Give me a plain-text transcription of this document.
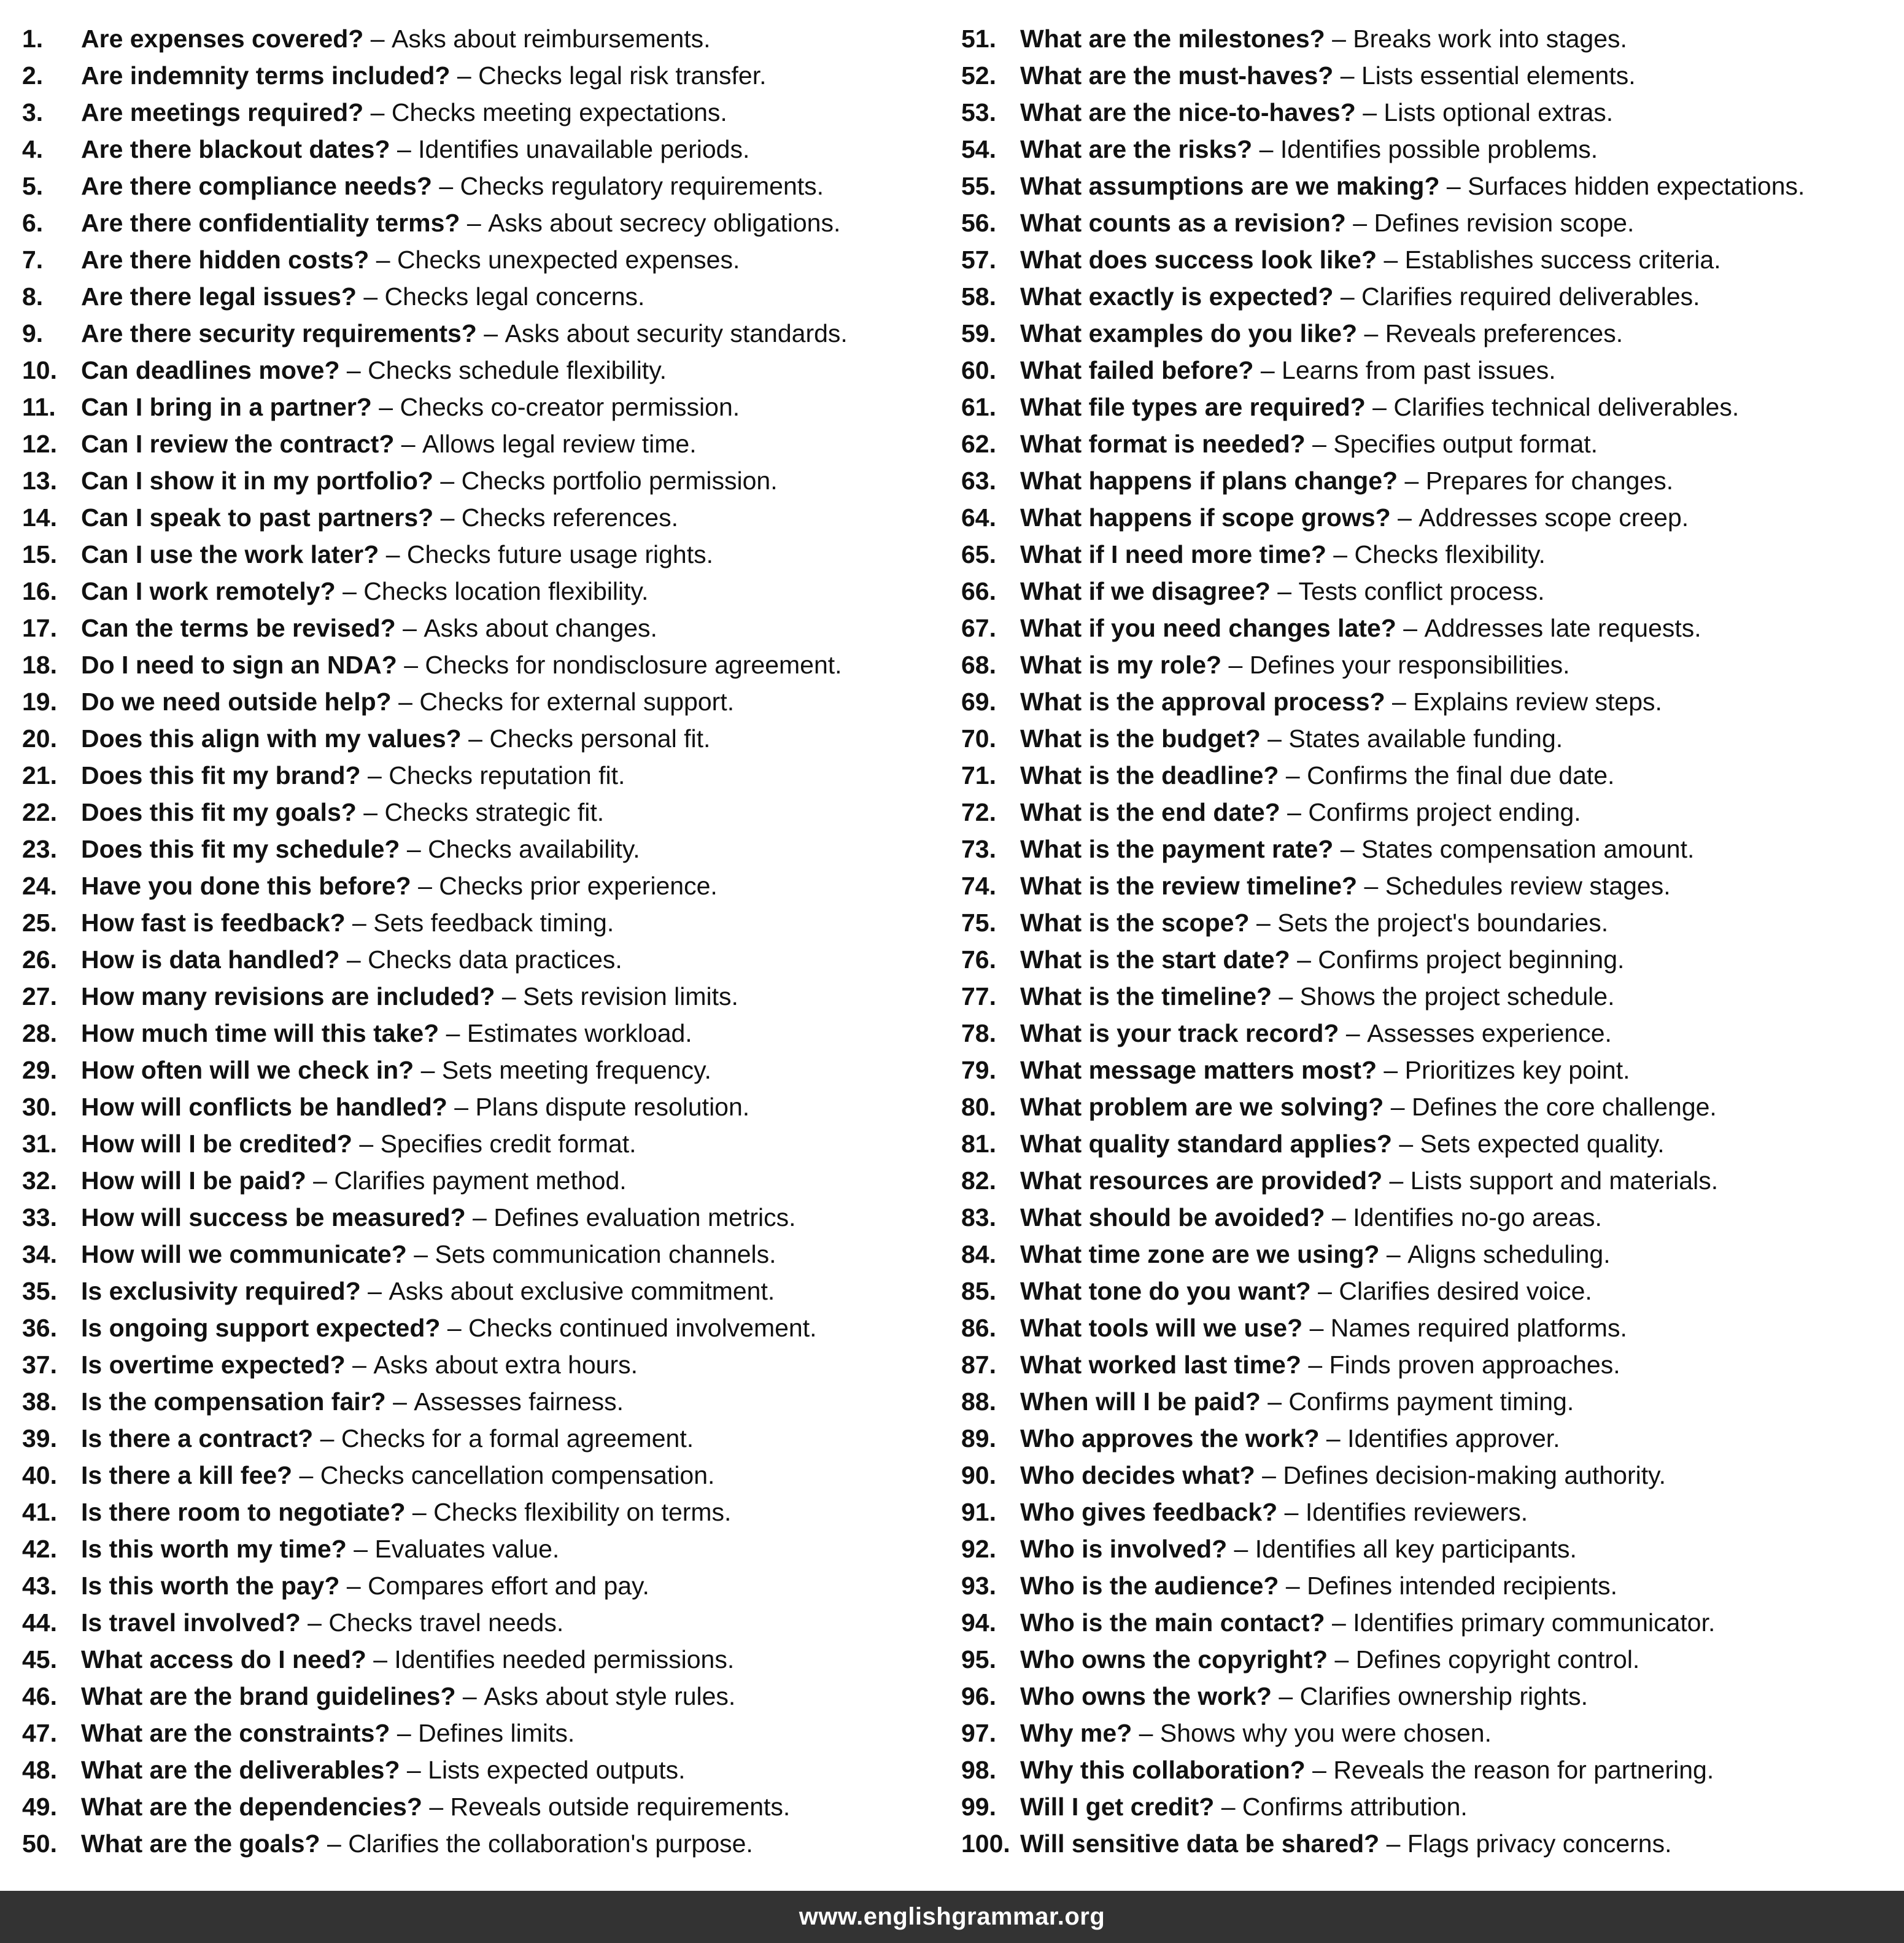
1.	Are expenses covered?
–
Asks about reimbursements.
2.	Are indemnity terms included?
–
Checks legal risk transfer.
3.	Are meetings required?
–
Checks meeting expectations.
4.	Are there blackout dates?
–
Identifies unavailable periods.
5.	Are there compliance needs?
–
Checks regulatory requirements.
6.	Are there confidentiality terms?
–
Asks about secrecy obligations.
7.	Are there hidden costs?
–
Checks unexpected expenses.
8.	Are there legal issues?
–
Checks legal concerns.
9.	Are there security requirements?
–
Asks about security standards.
10. Can deadlines move?
–
Checks schedule flexibility.
11.	Can I bring in a partner?
–
Checks co-creator permission.
12. Can I review the contract?
–
Allows legal review time.
13. Can I show it in my portfolio?
–
Checks portfolio permission.
14. Can I speak to past partners?
–
Checks references.
15. Can I use the work later?
–
Checks future usage rights.
16. Can I work remotely?
–
Checks location flexibility.
17. Can the terms be revised?
–
Asks about changes.
18. Do I need to sign an NDA?
–
Checks for nondisclosure agreement.
19. Do we need outside help?
–
Checks for external support.
20. Does this align with my values?
–
Checks personal fit.
21. Does this fit my brand?
–
Checks reputation fit.
22. Does this fit my goals?
–
Checks strategic fit.
23. Does this fit my schedule?
–
Checks availability.
24. Have you done this before?
–
Checks prior experience.
25. How fast is feedback?
–
Sets feedback timing.
26. How is data handled?
–
Checks data practices.
27. How many revisions are included?
–
Sets revision limits.
28. How much time will this take?
–
Estimates workload.
29. How often will we check in?
–
Sets meeting frequency.
30. How will conflicts be handled?
–
Plans dispute resolution.
31. How will I be credited?
–
Specifies credit format.
32. How will I be paid?
–
Clarifies payment method.
33. How will success be measured?
–
Defines evaluation metrics.
34. How will we communicate?
–
Sets communication channels.
35. Is exclusivity required?
–
Asks about exclusive commitment.
36. Is ongoing support expected?
–
Checks continued involvement.
37. Is overtime expected?
–
Asks about extra hours.
38. Is the compensation fair?
–
Assesses fairness.
39. Is there a contract?
–
Checks for a formal agreement.
40. Is there a kill fee?
–
Checks cancellation compensation.
41. Is there room to negotiate?
–
Checks flexibility on terms.
42. Is this worth my time?
–
Evaluates value.
43. Is this worth the pay?
–
Compares effort and pay.
44. Is travel involved?
–
Checks travel needs.
45. What access do I need?
–
Identifies needed permissions.
46. What are the brand guidelines?
–
Asks about style rules.
47. What are the constraints?
–
Defines limits.
48. What are the deliverables?
–
Lists expected outputs.
49. What are the dependencies?
–
Reveals outside requirements.
50. What are the goals?
–
Clarifies the collaboration's purpose.
51. What are the milestones?
–
Breaks work into stages.
52. What are the must-haves?
–
Lists essential elements.
53. What are the nice-to-haves?
–
Lists optional extras.
54. What are the risks?
–
Identifies possible problems.
55. What assumptions are we making?
–
Surfaces hidden expectations.
56. What counts as a revision?
–
Defines revision scope.
57. What does success look like?
–
Establishes success criteria.
58. What exactly is expected?
–
Clarifies required deliverables.
59. What examples do you like?
–
Reveals preferences.
60. What failed before?
–
Learns from past issues.
61. What file types are required?
–
Clarifies technical deliverables.
62. What format is needed?
–
Specifies output format.
63. What happens if plans change?
–
Prepares for changes.
64. What happens if scope grows?
–
Addresses scope creep.
65. What if I need more time?
–
Checks flexibility.
66. What if we disagree?
–
Tests conflict process.
67. What if you need changes late?
–
Addresses late requests.
68. What is my role?
–
Defines your responsibilities.
69. What is the approval process?
–
Explains review steps.
70. What is the budget?
–
States available funding.
71. What is the deadline?
–
Confirms the final due date.
72. What is the end date?
–
Confirms project ending.
73. What is the payment rate?
–
States compensation amount.
74. What is the review timeline?
–
Schedules review stages.
75. What is the scope?
–
Sets the project's boundaries.
76. What is the start date?
–
Confirms project beginning.
77. What is the timeline?
–
Shows the project schedule.
78. What is your track record?
–
Assesses experience.
79. What message matters most?
–
Prioritizes key point.
80. What problem are we solving?
–
Defines the core challenge.
81. What quality standard applies?
–
Sets expected quality.
82. What resources are provided?
–
Lists support and materials.
83. What should be avoided?
–
Identifies no-go areas.
84. What time zone are we using?
–
Aligns scheduling.
85. What tone do you want?
–
Clarifies desired voice.
86. What tools will we use?
–
Names required platforms.
87. What worked last time?
–
Finds proven approaches.
88. When will I be paid?
–
Confirms payment timing.
89. Who approves the work?
–
Identifies approver.
90. Who decides what?
–
Defines decision-making authority.
91. Who gives feedback?
–
Identifies reviewers.
92. Who is involved?
–
Identifies all key participants.
93. Who is the audience?
–
Defines intended recipients.
94. Who is the main contact?
–
Identifies primary communicator.
95. Who owns the copyright?
–
Defines copyright control.
96. Who owns the work?
–
Clarifies ownership rights.
97. Why me?
–
Shows why you were chosen.
98. Why this collaboration?
–
Reveals the reason for partnering.
99. Will I get credit?
–
Confirms attribution.
100. Will sensitive data be shared?
–
Flags privacy concerns.
www.englishgrammar.org
